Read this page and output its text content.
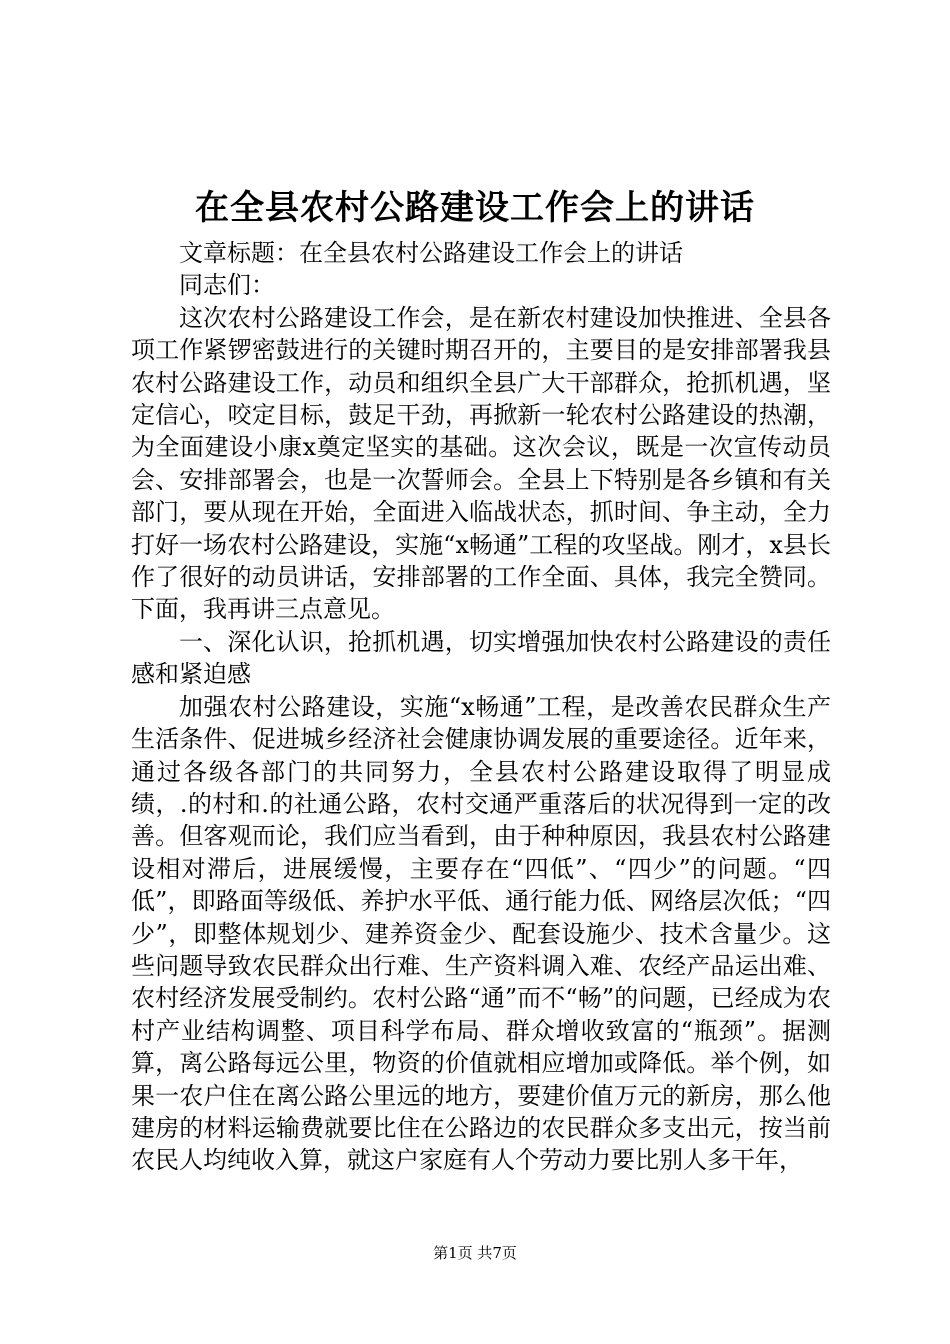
在全县农村公路建设工作会上的讲话

文章标题：在全县农村公路建设工作会上的讲话

同志们：

这次农村公路建设工作会，是在新农村建设加快推进、全县各项工作紧锣密鼓进行的关键时期召开的，主要目的是安排部署我县农村公路建设工作，动员和组织全县广大干部群众，抢抓机遇，坚定信心，咬定目标，鼓足干劲，再掀新一轮农村公路建设的热潮，为全面建设小康x奠定坚实的基础。这次会议，既是一次宣传动员会、安排部署会，也是一次誓师会。全县上下特别是各乡镇和有关部门，要从现在开始，全面进入临战状态，抓时间、争主动，全力打好一场农村公路建设，实施“x畅通”工程的攻坚战。刚才，x县长作了很好的动员讲话，安排部署的工作全面、具体，我完全赞同。下面，我再讲三点意见。

一、深化认识，抢抓机遇，切实增强加快农村公路建设的责任感和紧迫感

加强农村公路建设，实施“x畅通”工程，是改善农民群众生产生活条件、促进城乡经济社会健康协调发展的重要途径。近年来，通过各级各部门的共同努力，全县农村公路建设取得了明显成绩，.的村和.的社通公路，农村交通严重落后的状况得到一定的改善。但客观而论，我们应当看到，由于种种原因，我县农村公路建设相对滞后，进展缓慢，主要存在“四低”、“四少”的问题。“四低”，即路面等级低、养护水平低、通行能力低、网络层次低；“四少”，即整体规划少、建养资金少、配套设施少、技术含量少。这些问题导致农民群众出行难、生产资料调入难、农经产品运出难、农村经济发展受制约。农村公路“通”而不“畅”的问题，已经成为农村产业结构调整、项目科学布局、群众增收致富的“瓶颈”。据测算，离公路每远公里，物资的价值就相应增加或降低。举个例，如果一农户住在离公路公里远的地方，要建价值万元的新房，那么他建房的材料运输费就要比住在公路边的农民群众多支出元，按当前农民人均纯收入算，就这户家庭有人个劳动力要比别人多干年，

第1页 共7页
